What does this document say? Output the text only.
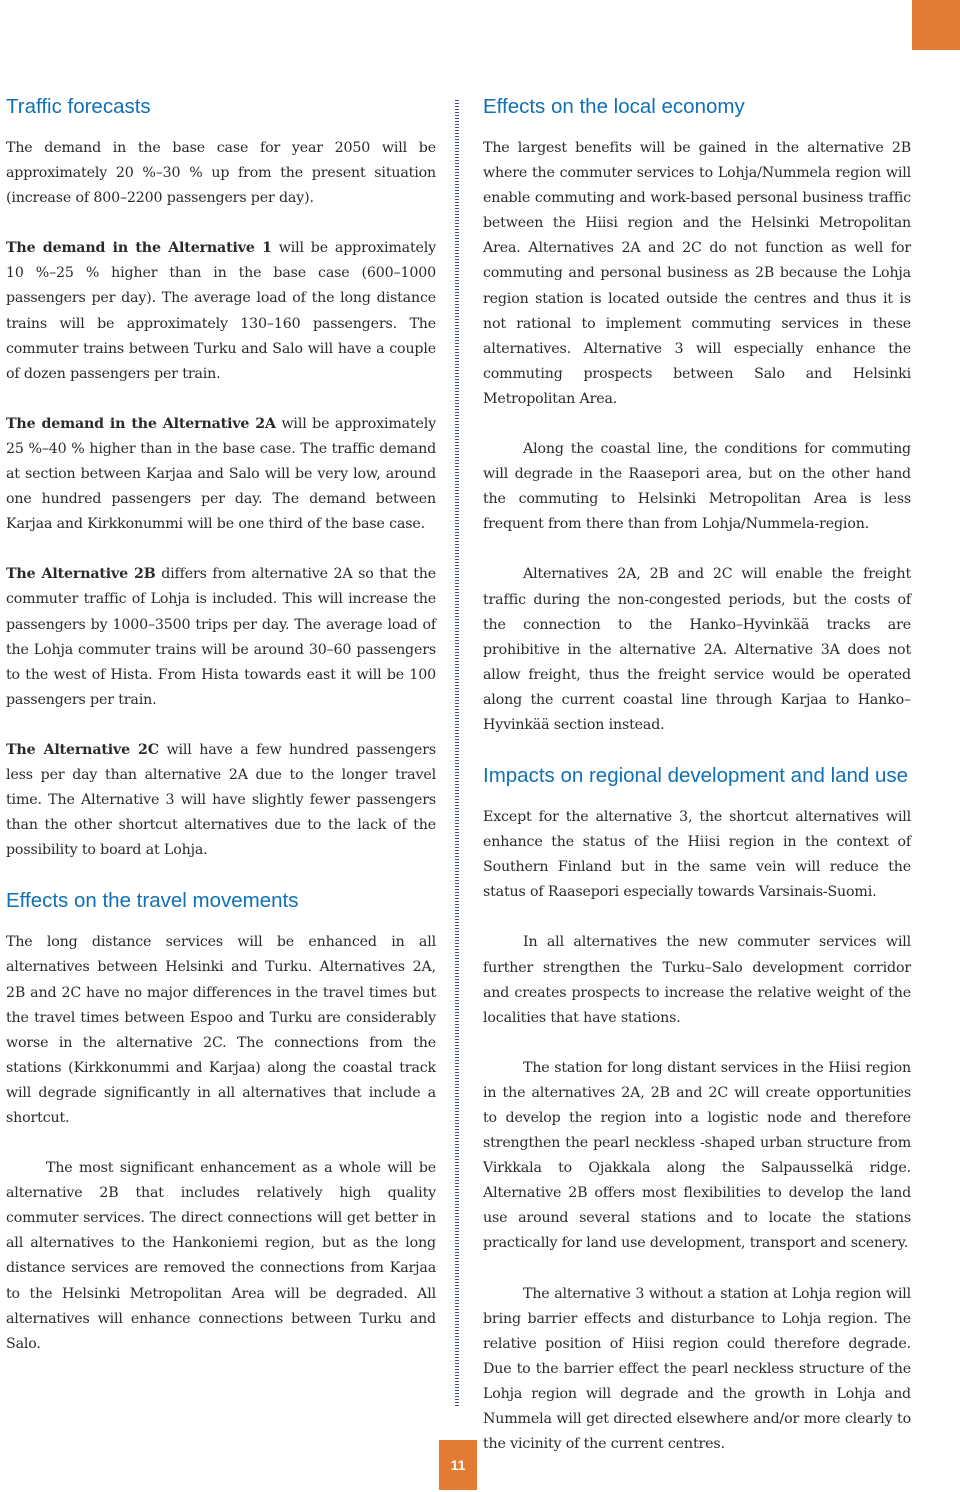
Traffic forecasts

The demand in the base case for year 2050 will be approximately 20 %–30 % up from the present situation (increase of 800–2200 passengers per day).

The demand in the Alternative 1 will be approximately 10 %–25 % higher than in the base case (600–1000 passengers per day). The average load of the long distance trains will be approximately 130–160 passengers. The commuter trains between Turku and Salo will have a couple of dozen passengers per train.

The demand in the Alternative 2A will be approximately 25 %–40 % higher than in the base case. The traffic demand at section between Karjaa and Salo will be very low, around one hundred passengers per day. The demand between Karjaa and Kirkkonummi will be one third of the base case.

The Alternative 2B differs from alternative 2A so that the commuter traffic of Lohja is included. This will increase the passengers by 1000–3500 trips per day. The average load of the Lohja commuter trains will be around 30–60 passengers to the west of Hista. From Hista towards east it will be 100 passengers per train.

The Alternative 2C will have a few hundred passengers less per day than alternative 2A due to the longer travel time. The Alternative 3 will have slightly fewer passengers than the other shortcut alternatives due to the lack of the possibility to board at Lohja.

Effects on the travel movements

The long distance services will be enhanced in all alternatives between Helsinki and Turku. Alternatives 2A, 2B and 2C have no major differences in the travel times but the travel times between Espoo and Turku are considerably worse in the alternative 2C. The connections from the stations (Kirkkonummi and Karjaa) along the coastal track will degrade significantly in all alternatives that include a shortcut.

The most significant enhancement as a whole will be alternative 2B that includes relatively high quality commuter services. The direct connections will get better in all alternatives to the Hankoniemi region, but as the long distance services are removed the connections from Karjaa to the Helsinki Metropolitan Area will be degraded. All alternatives will enhance connections between Turku and Salo.

Effects on the local economy

The largest benefits will be gained in the alternative 2B where the commuter services to Lohja/Nummela region will enable commuting and work-based personal business traffic between the Hiisi region and the Helsinki Metropolitan Area. Alternatives 2A and 2C do not function as well for commuting and personal business as 2B because the Lohja region station is located outside the centres and thus it is not rational to implement commuting services in these alternatives. Alternative 3 will especially enhance the commuting prospects between Salo and Helsinki Metropolitan Area.

Along the coastal line, the conditions for commuting will degrade in the Raasepori area, but on the other hand the commuting to Helsinki Metropolitan Area is less frequent from there than from Lohja/Nummela-region.

Alternatives 2A, 2B and 2C will enable the freight traffic during the non-congested periods, but the costs of the connection to the Hanko–Hyvinkää tracks are prohibitive in the alternative 2A. Alternative 3A does not allow freight, thus the freight service would be operated along the current coastal line through Karjaa to Hanko–Hyvinkää section instead.

Impacts on regional development and land use

Except for the alternative 3, the shortcut alternatives will enhance the status of the Hiisi region in the context of Southern Finland but in the same vein will reduce the status of Raasepori especially towards Varsinais-Suomi.

In all alternatives the new commuter services will further strengthen the Turku–Salo development corridor and creates prospects to increase the relative weight of the localities that have stations.

The station for long distant services in the Hiisi region in the alternatives 2A, 2B and 2C will create opportunities to develop the region into a logistic node and therefore strengthen the pearl neckless -shaped urban structure from Virkkala to Ojakkala along the Salpausselkä ridge. Alternative 2B offers most flexibilities to develop the land use around several stations and to locate the stations practically for land use development, transport and scenery.

The alternative 3 without a station at Lohja region will bring barrier effects and disturbance to Lohja region. The relative position of Hiisi region could therefore degrade. Due to the barrier effect the pearl neckless structure of the Lohja region will degrade and the growth in Lohja and Nummela will get directed elsewhere and/or more clearly to the vicinity of the current centres.

11
